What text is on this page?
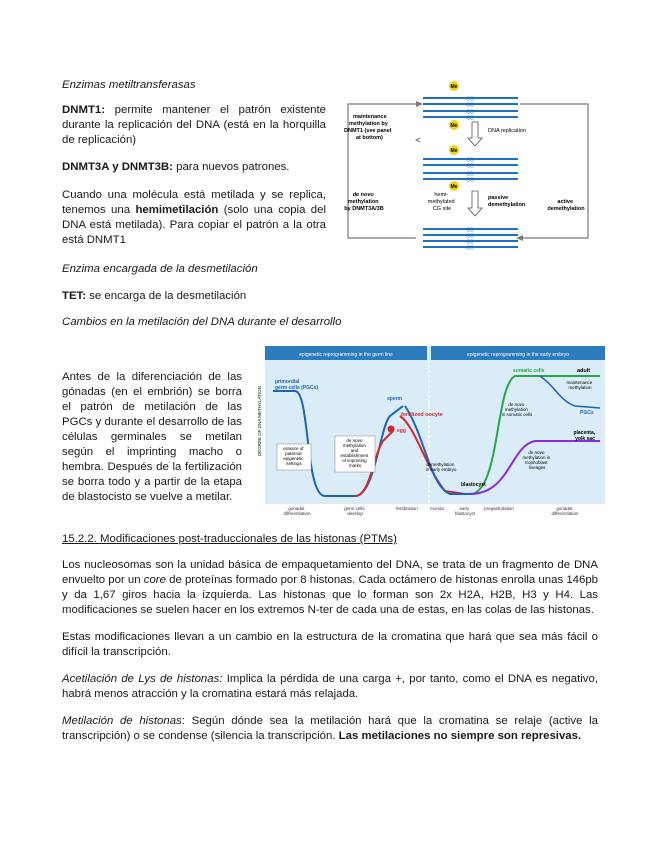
Enzimas metiltransferasas

DNMT1: permite mantener el patrón existente durante la replicación del DNA (está en la horquilla de replicación)

DNMT3A y DNMT3B: para nuevos patrones.

Cuando una molécula está metilada y se replica, tenemos una hemimetilación (solo una copia del DNA está metilada). Para copiar el patrón a la otra está DNMT1

Enzima encargada de la desmetilación

TET: se encarga de la desmetilación

Cambios en la metilación del DNA durante el desarrollo

CG
GC
Me
CG
GC
Me
DNA replication
maintenance methylation by DNMT1 (see panel at bottom)
Me
CG
GC
CG
GC
Me
hemi- methylated CG site
passive demethylation
de novo methylation by DNMT3A/3B
active demethylation
CG
GC
CG
GC
epigenetic reprogramming in the germ line	epigenetic reprogramming in the early embryo
DEGREE OF DNA METHYLATION
primordial germ cells (PGCs)
erasure of paternal epigenetic settings
de novo methylation and establishment of imprinting marks
sperm
fertilized oocyte
egg
demethylation in early embryo
blastocyst
somatic cells	adult
maintenance methylation
PGCs
de novo methylation in somatic cells
placenta, yolk sac
de novo methylation in trophoblast lineages
gonadal differentiation
germ cells develop
fertilization	morula	early blastocyst
pregastrulation	gonadal differentiation

Antes de la diferenciación de las gónadas (en el embrión) se borra el patrón de metilación de las PGCs y durante el desarrollo de las células germinales se metilan según el imprinting macho o hembra. Después de la fertilización se borra todo y a partir de la etapa de blastocisto se vuelve a metilar.

15.2.2. Modificaciones post-traduccionales de las histonas (PTMs)

Los nucleosomas son la unidad básica de empaquetamiento del DNA, se trata de un fragmento de DNA envuelto por un core de proteínas formado por 8 histonas. Cada octámero de histonas enrolla unas 146pb y da 1,67 giros hacia la izquierda. Las histonas que lo forman son 2x H2A, H2B, H3 y H4. Las modificaciones se suelen hacer en los extremos N-ter de cada una de estas, en las colas de las histonas.

Estas modificaciones llevan a un cambio en la estructura de la cromatina que hará que sea más fácil o difícil la transcripción.

Acetilación de Lys de histonas: Implica la pérdida de una carga +, por tanto, como el DNA es negativo, habrá menos atracción y la cromatina estará más relajada.

Metilación de histonas: Según dónde sea la metilación hará que la cromatina se relaje (active la transcripción) o se condense (silencia la transcripción. Las metilaciones no siempre son represivas.
